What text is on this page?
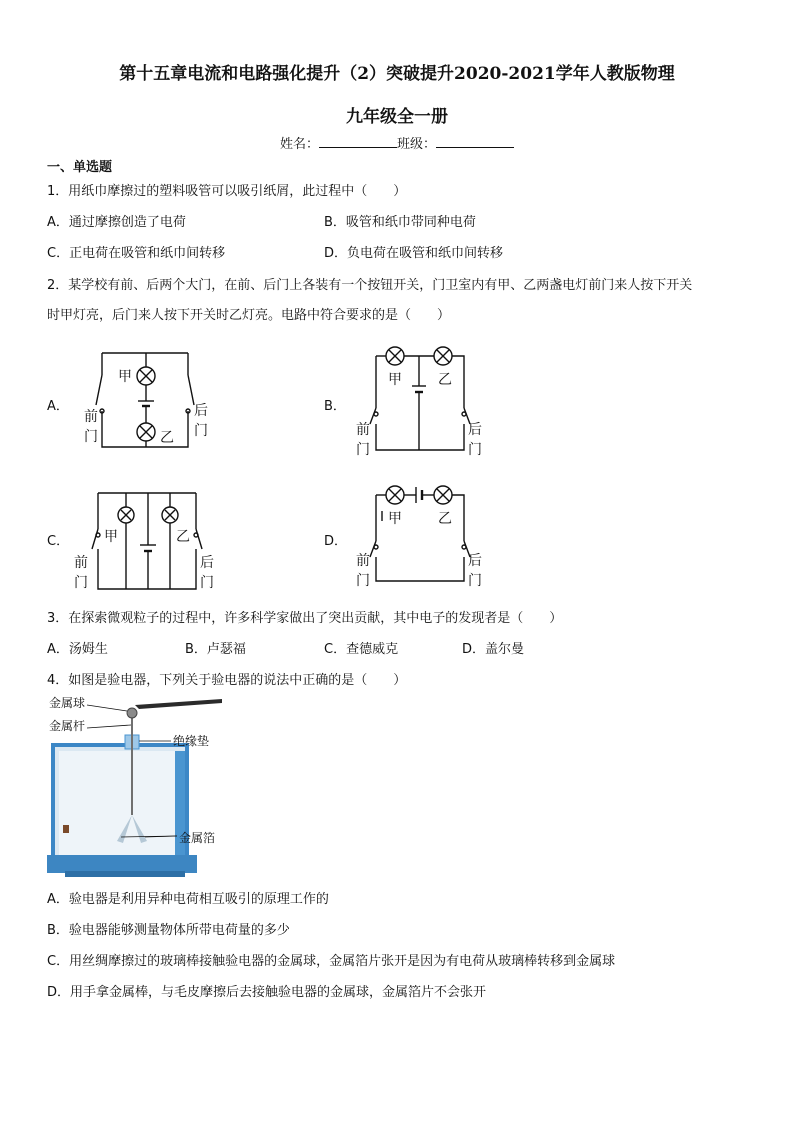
第十五章电流和电路强化提升（2）突破提升2020-2021学年人教版物理
九年级全一册
姓名：	班级：
一、单选题
1．用纸巾摩擦过的塑料吸管可以吸引纸屑，此过程中（　　）
A．通过摩擦创造了电荷	B．吸管和纸巾带同种电荷
C．正电荷在吸管和纸巾间转移	D．负电荷在吸管和纸巾间转移
2．某学校有前、后两个大门，在前、后门上各装有一个按钮开关，门卫室内有甲、乙两盏电灯前门来人按下开关
时甲灯亮，后门来人按下开关时乙灯亮。电路中符合要求的是（　　）
A．	B．
C．	D．
甲
乙
前
门
后
门
甲	乙
前
门
后
门
甲	乙
前
门
后
门
甲	乙
前
门
后
门
3．在探索微观粒子的过程中，许多科学家做出了突出贡献，其中电子的发现者是（　　）
A．汤姆生	B．卢瑟福	C．查德威克	D．盖尔曼
4．如图是验电器，下列关于验电器的说法中正确的是（　　）
金属球
金属杆
绝缘垫
金属箔
A．验电器是利用异种电荷相互吸引的原理工作的
B．验电器能够测量物体所带电荷量的多少
C．用丝绸摩擦过的玻璃棒接触验电器的金属球，金属箔片张开是因为有电荷从玻璃棒转移到金属球
D．用手拿金属棒，与毛皮摩擦后去接触验电器的金属球，金属箔片不会张开
